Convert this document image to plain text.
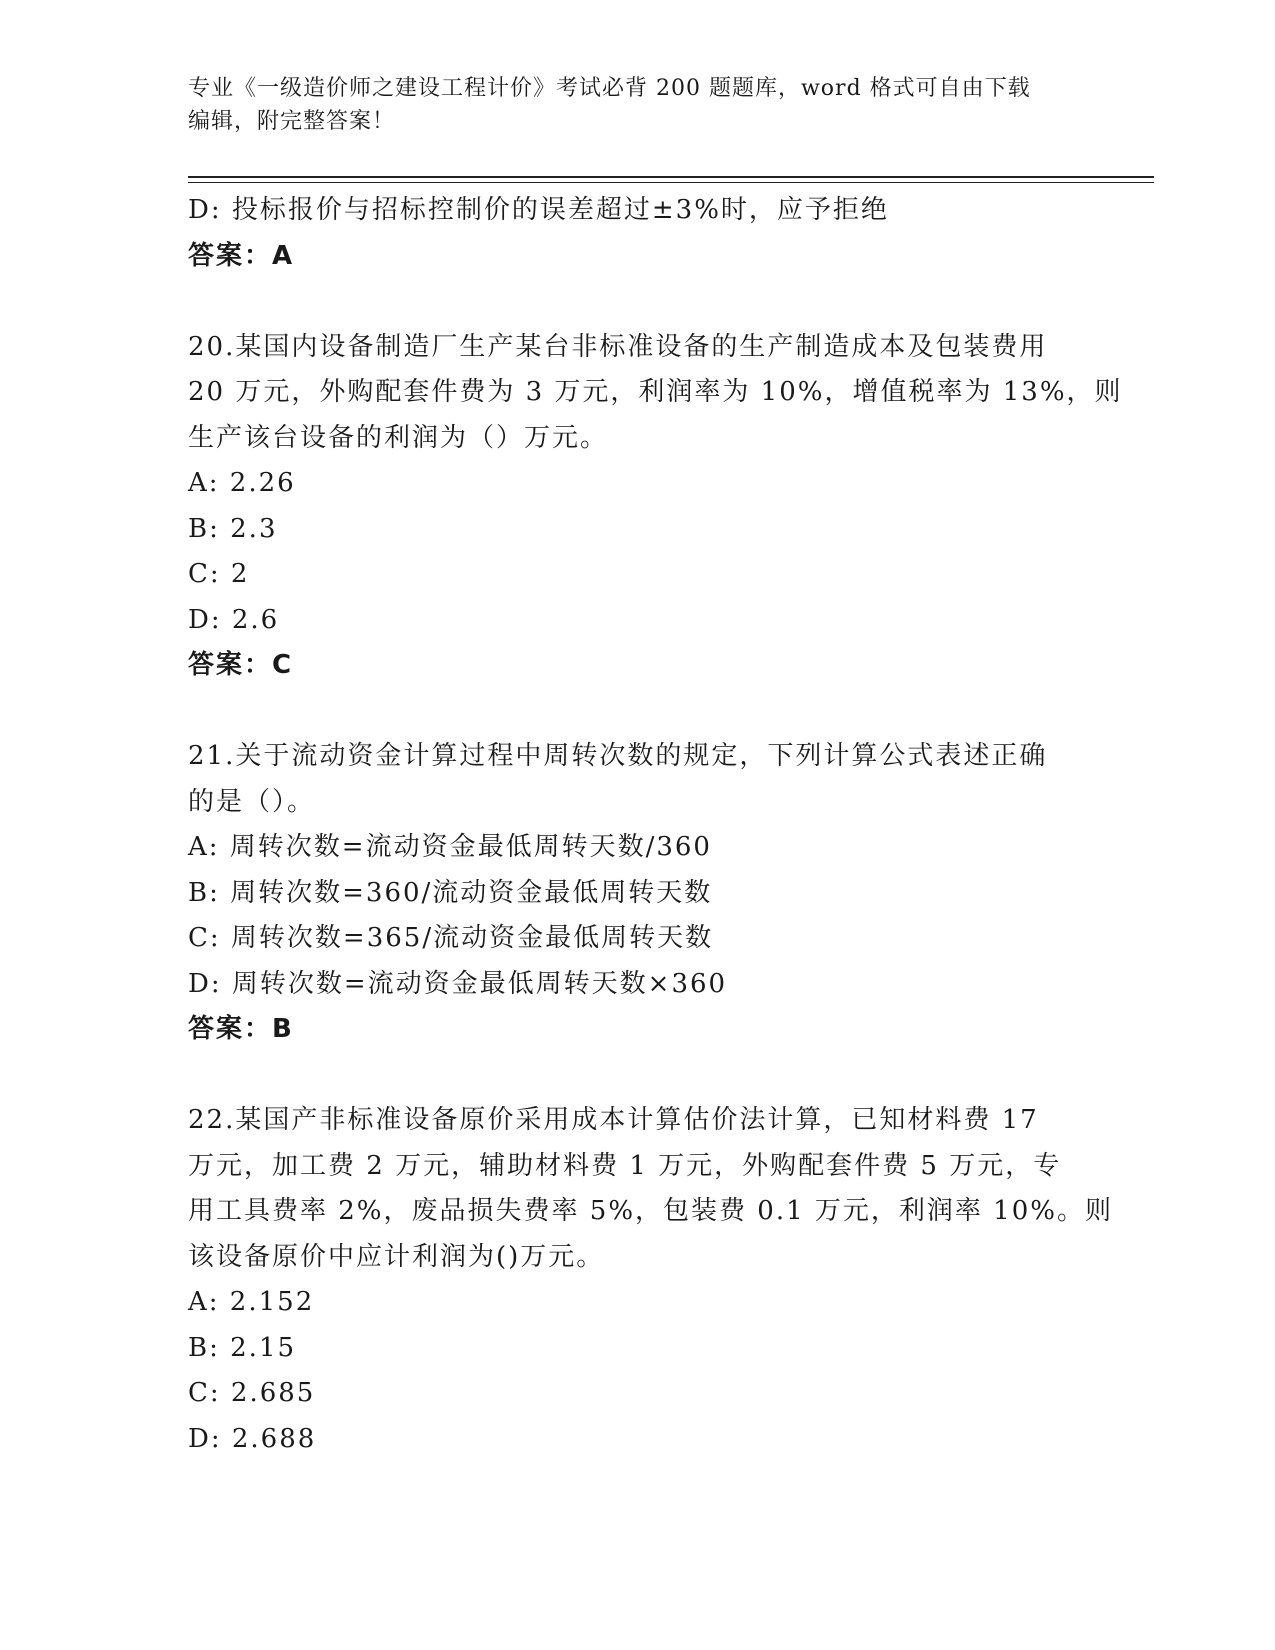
专业《一级造价师之建设工程计价》考试必背 200 题题库，word 格式可自由下载
编辑，附完整答案！
D: 投标报价与招标控制价的误差超过±3%时，应予拒绝
答案：A
20.某国内设备制造厂生产某台非标准设备的生产制造成本及包装费用
20 万元，外购配套件费为 3 万元，利润率为 10%，增值税率为 13%，则
生产该台设备的利润为（）万元。
A: 2.26
B: 2.3
C: 2
D: 2.6
答案：C
21.关于流动资金计算过程中周转次数的规定，下列计算公式表述正确
的是（）。
A: 周转次数=流动资金最低周转天数/360
B: 周转次数=360/流动资金最低周转天数
C: 周转次数=365/流动资金最低周转天数
D: 周转次数=流动资金最低周转天数×360
答案：B
22.某国产非标准设备原价采用成本计算估价法计算，已知材料费 17
万元，加工费 2 万元，辅助材料费 1 万元，外购配套件费 5 万元，专
用工具费率 2%，废品损失费率 5%，包装费 0.1 万元，利润率 10%。则
该设备原价中应计利润为()万元。
A: 2.152
B: 2.15
C: 2.685
D: 2.688
